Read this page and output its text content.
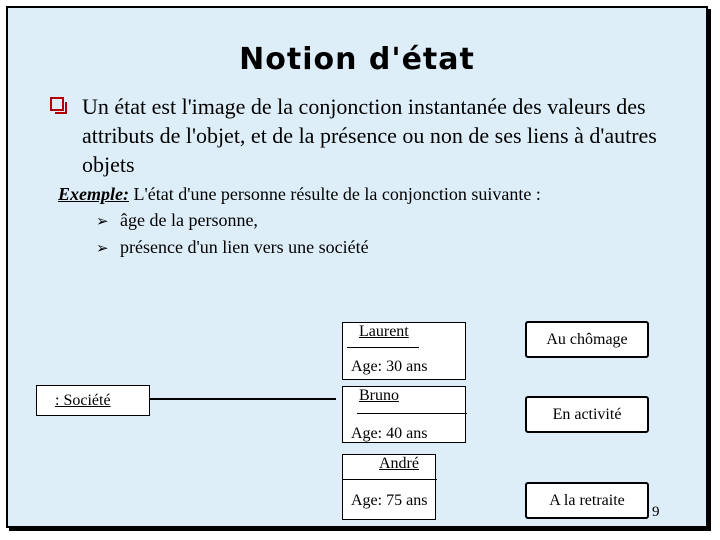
Notion d'état
Un état est l'image de la conjonction instantanée des valeurs des attributs de l'objet, et de la présence ou non de ses liens à d'autres objets
Exemple: L'état d'une personne résulte de la conjonction suivante :
➢ âge de la personne,
➢ présence d'un lien vers une société
: Société
Laurent
Age: 30 ans
Bruno
Age: 40 ans
André
Age: 75 ans
Au chômage
En activité
A la retraite
9
